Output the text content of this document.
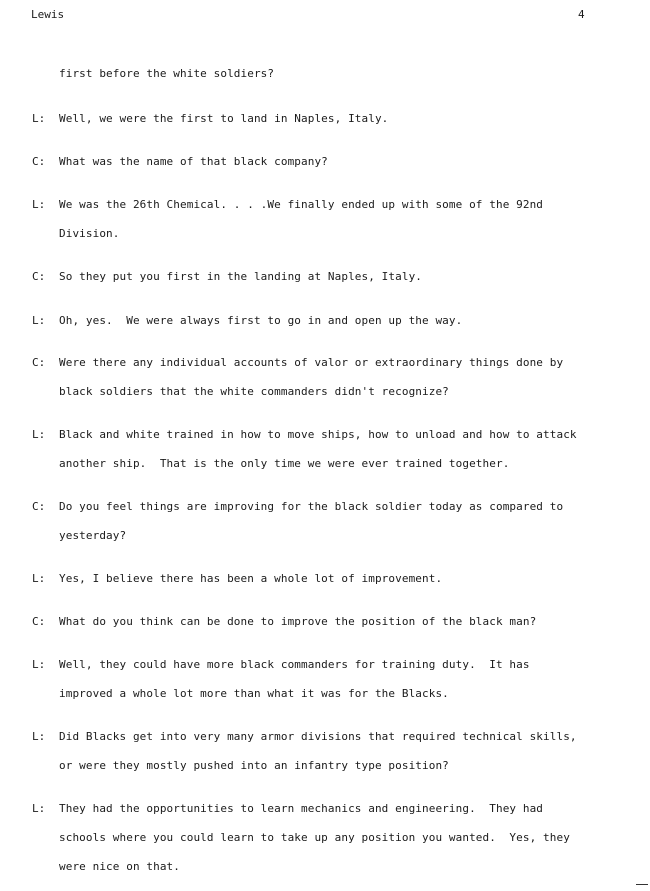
Lewis	4
first before the white soldiers?
L: Well, we were the first to land in Naples, Italy.
C: What was the name of that black company?
L: We was the 26th Chemical. . . .We finally ended up with some of the 92nd
Division.
C: So they put you first in the landing at Naples, Italy.
L: Oh, yes.  We were always first to go in and open up the way.
C: Were there any individual accounts of valor or extraordinary things done by
black soldiers that the white commanders didn't recognize?
L: Black and white trained in how to move ships, how to unload and how to attack
another ship.  That is the only time we were ever trained together.
C: Do you feel things are improving for the black soldier today as compared to
yesterday?
L: Yes, I believe there has been a whole lot of improvement.
C: What do you think can be done to improve the position of the black man?
L: Well, they could have more black commanders for training duty.  It has
improved a whole lot more than what it was for the Blacks.
L: Did Blacks get into very many armor divisions that required technical skills,
or were they mostly pushed into an infantry type position?
L: They had the opportunities to learn mechanics and engineering.  They had
schools where you could learn to take up any position you wanted.  Yes, they
were nice on that.
